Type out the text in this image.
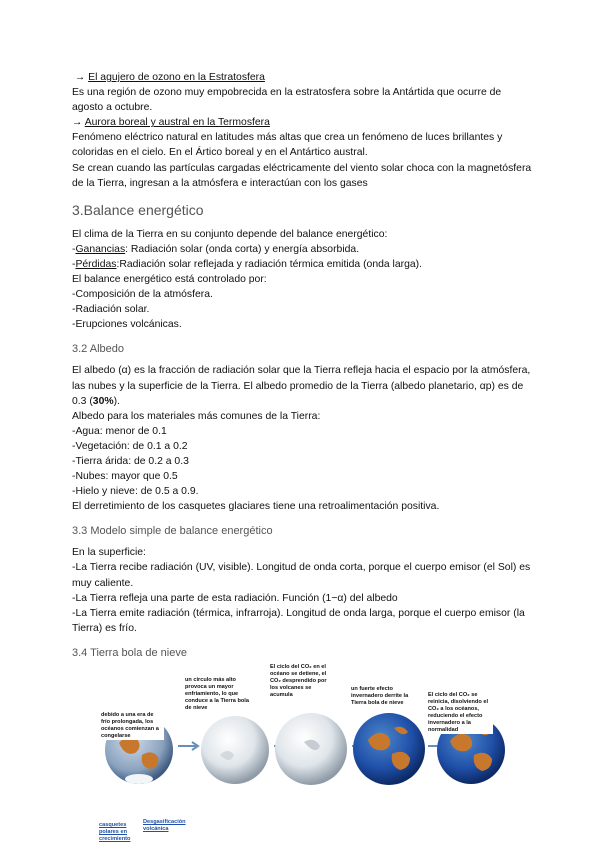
→ El agujero de ozono en la Estratosfera

Es una región de ozono muy empobrecida en la estratosfera sobre la Antártida que ocurre de agosto a octubre.

→ Aurora boreal y austral en la Termosfera

Fenómeno eléctrico natural en latitudes más altas que crea un fenómeno de luces brillantes y coloridas en el cielo. En el Ártico boreal y en el Antártico austral.

Se crean cuando las partículas cargadas eléctricamente del viento solar choca con la magnetósfera de la Tierra, ingresan a la atmósfera e interactúan con los gases

3.Balance energético

El clima de la Tierra en su conjunto depende del balance energético:

-Ganancias: Radiación solar (onda corta) y energía absorbida.

-Pérdidas:Radiación solar reflejada y radiación térmica emitida (onda larga).

El balance energético está controlado por:

-Composición de la atmósfera.

-Radiación solar.

-Erupciones volcánicas.

3.2 Albedo

El albedo (α) es la fracción de radiación solar que la Tierra refleja hacia el espacio por la atmósfera, las nubes y la superficie de la Tierra. El albedo promedio de la Tierra (albedo planetario, αp) es de 0.3 (30%).

Albedo para los materiales más comunes de la Tierra:

-Agua: menor de 0.1

-Vegetación: de 0.1 a 0.2

-Tierra árida: de 0.2 a 0.3

-Nubes: mayor que 0.5

-Hielo y nieve: de 0.5 a 0.9.

El derretimiento de los casquetes glaciares tiene una retroalimentación positiva.

3.3 Modelo simple de balance energético

En la superficie:

-La Tierra recibe radiación (UV, visible). Longitud de onda corta, porque el cuerpo emisor (el Sol) es muy caliente.

-La Tierra refleja una parte de esta radiación. Función (1−α) del albedo

-La Tierra emite radiación (térmica, infrarroja). Longitud de onda larga, porque el cuerpo emisor (la Tierra) es frío.

3.4 Tierra bola de nieve
debido a una era de frío prolongada, los océanos comienzan a congelarse
un círculo más alto provoca un mayor enfriamiento, lo que conduce a la Tierra bola de nieve
El ciclo del CO₂ en el océano se detiene, el CO₂ desprendido por los volcanes se acumula
un fuerte efecto invernadero derrite la Tierra bola de nieve
El ciclo del CO₂ se reinicia, disolviendo el CO₂ a los océanos, reduciendo el efecto invernadero a la normalidad
casquetes polares en crecimiento
Desgasificación volcánica
